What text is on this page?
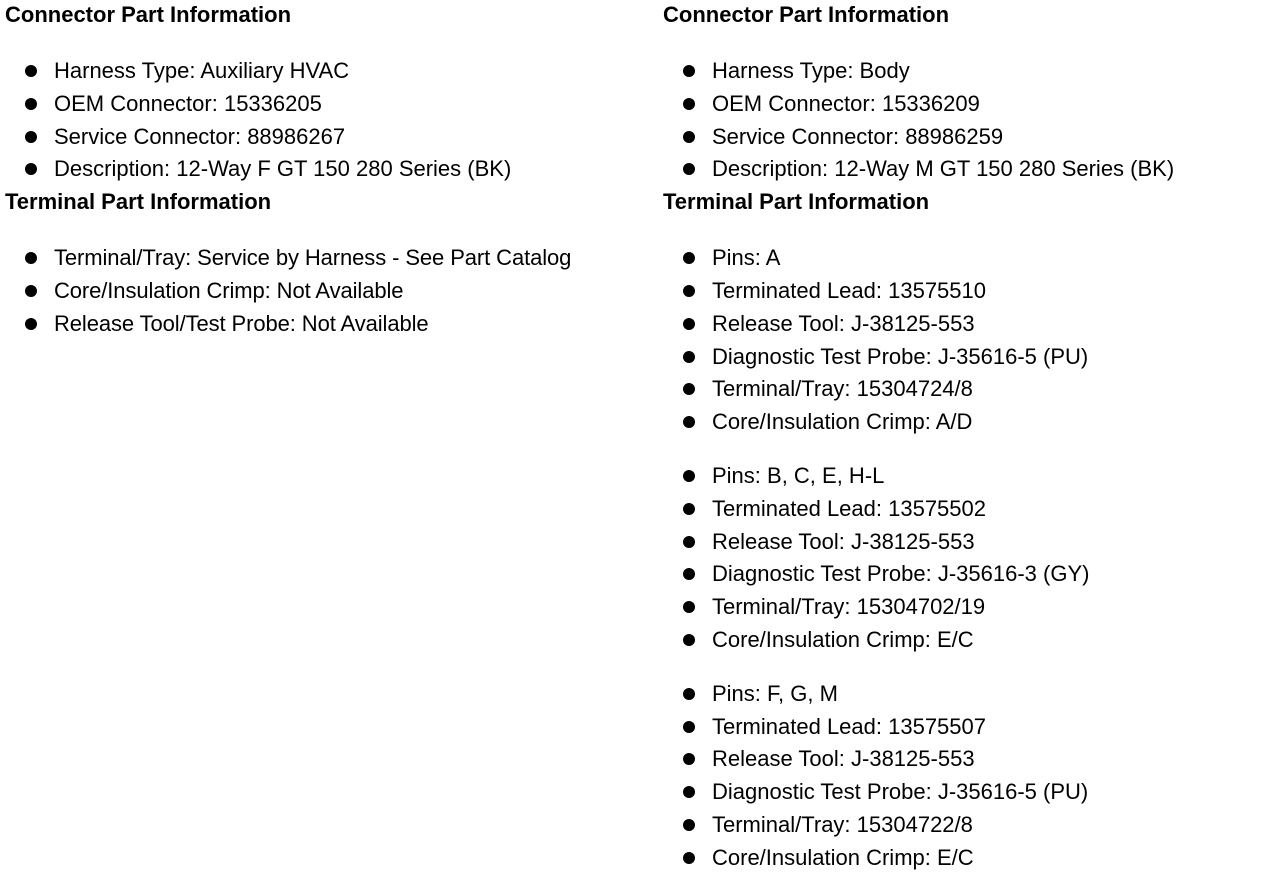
Connector Part Information
Harness Type: Auxiliary HVAC
OEM Connector: 15336205
Service Connector: 88986267
Description: 12-Way F GT 150 280 Series (BK)
Terminal Part Information
Terminal/Tray: Service by Harness - See Part Catalog
Core/Insulation Crimp: Not Available
Release Tool/Test Probe: Not Available
Connector Part Information
Harness Type: Body
OEM Connector: 15336209
Service Connector: 88986259
Description: 12-Way M GT 150 280 Series (BK)
Terminal Part Information
Pins: A
Terminated Lead: 13575510
Release Tool: J-38125-553
Diagnostic Test Probe: J-35616-5 (PU)
Terminal/Tray: 15304724/8
Core/Insulation Crimp: A/D
Pins: B, C, E, H-L
Terminated Lead: 13575502
Release Tool: J-38125-553
Diagnostic Test Probe: J-35616-3 (GY)
Terminal/Tray: 15304702/19
Core/Insulation Crimp: E/C
Pins: F, G, M
Terminated Lead: 13575507
Release Tool: J-38125-553
Diagnostic Test Probe: J-35616-5 (PU)
Terminal/Tray: 15304722/8
Core/Insulation Crimp: E/C
